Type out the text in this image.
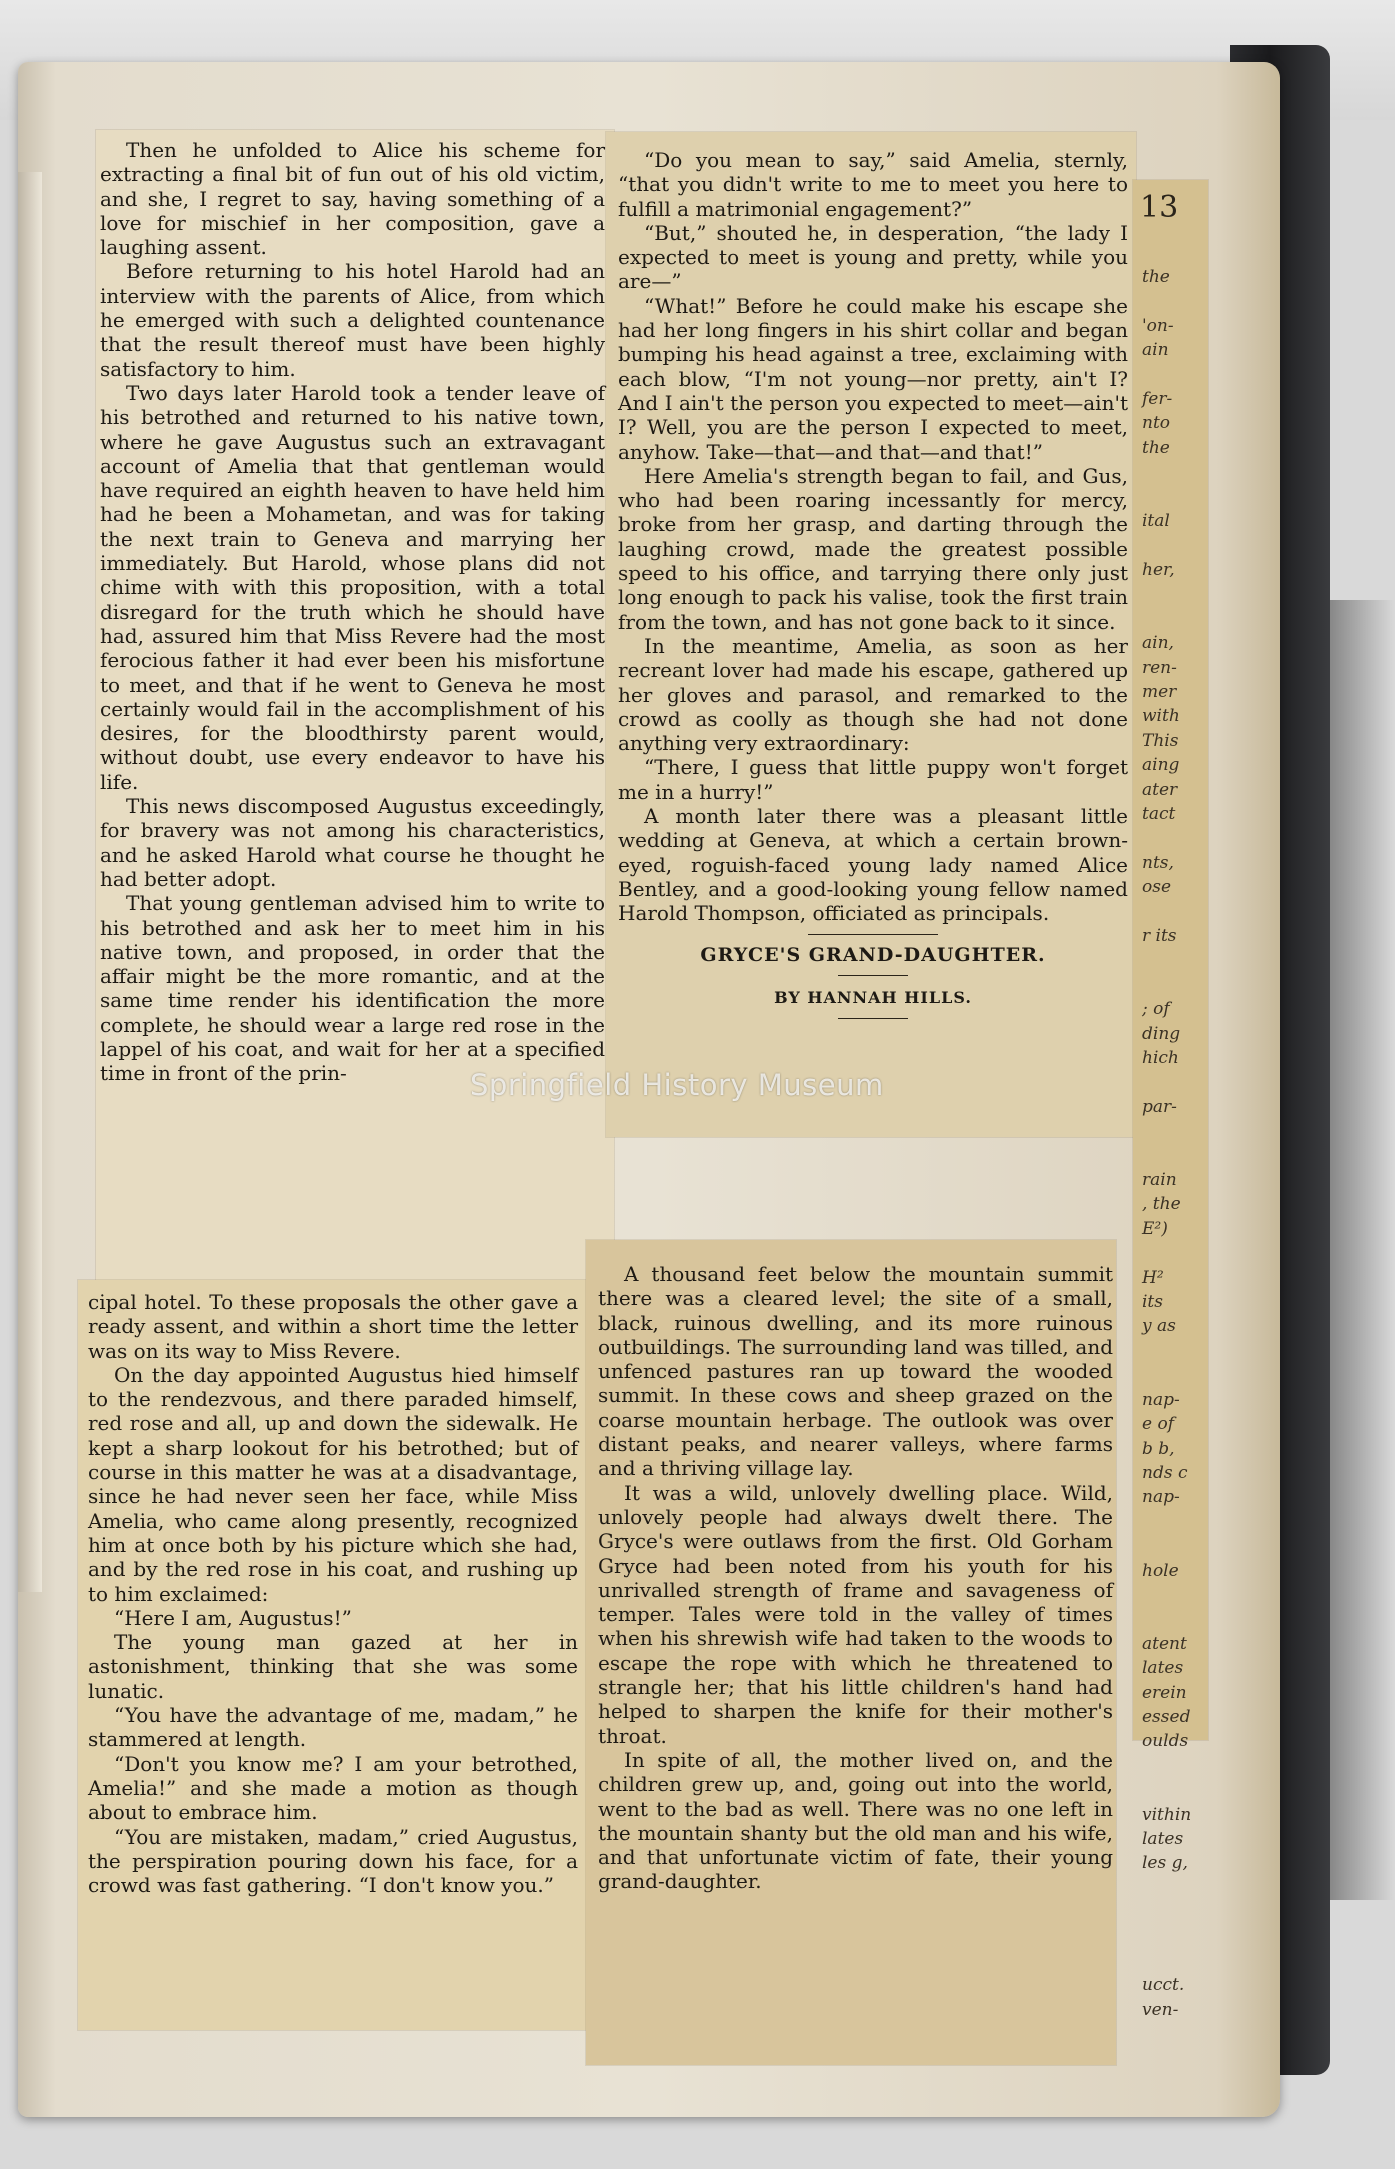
13
the

'on-
ain

fer-
nto
the

ital

her,

ain,
ren-
mer
with
This
aing
ater
tact

nts,
ose

r its

; of
ding
hich

par-

rain
, the
E²)

H²
its
y as

nap-
e of
b b,
nds c
nap-

hole

atent
lates
erein
essed
oulds

vithin
lates
les g,

ucct.
ven-

Then he unfolded to Alice his scheme for extracting a final bit of fun out of his old victim, and she, I regret to say, having something of a love for mischief in her composition, gave a laughing assent.

Before returning to his hotel Harold had an interview with the parents of Alice, from which he emerged with such a delighted countenance that the result thereof must have been highly satisfactory to him.

Two days later Harold took a tender leave of his betrothed and returned to his native town, where he gave Augustus such an extravagant account of Amelia that that gentleman would have required an eighth heaven to have held him had he been a Mohametan, and was for taking the next train to Geneva and marrying her immediately. But Harold, whose plans did not chime with with this proposition, with a total disregard for the truth which he should have had, assured him that Miss Revere had the most ferocious father it had ever been his misfortune to meet, and that if he went to Geneva he most certainly would fail in the accomplishment of his desires, for the bloodthirsty parent would, without doubt, use every endeavor to have his life.

This news discomposed Augustus exceedingly, for bravery was not among his characteristics, and he asked Harold what course he thought he had better adopt.

That young gentleman advised him to write to his betrothed and ask her to meet him in his native town, and proposed, in order that the affair might be the more romantic, and at the same time render his identification the more complete, he should wear a large red rose in the lappel of his coat, and wait for her at a specified time in front of the prin-

cipal hotel. To these proposals the other gave a ready assent, and within a short time the letter was on its way to Miss Revere.

On the day appointed Augustus hied himself to the rendezvous, and there paraded himself, red rose and all, up and down the sidewalk. He kept a sharp lookout for his betrothed; but of course in this matter he was at a disadvantage, since he had never seen her face, while Miss Amelia, who came along presently, recognized him at once both by his picture which she had, and by the red rose in his coat, and rushing up to him exclaimed:

“Here I am, Augustus!”

The young man gazed at her in astonishment, thinking that she was some lunatic.

“You have the advantage of me, madam,” he stammered at length.

“Don't you know me? I am your betrothed, Amelia!” and she made a motion as though about to embrace him.

“You are mistaken, madam,” cried Augustus, the perspiration pouring down his face, for a crowd was fast gathering. “I don't know you.”

“Do you mean to say,” said Amelia, sternly, “that you didn't write to me to meet you here to fulfill a matrimonial engagement?”

“But,” shouted he, in desperation, “the lady I expected to meet is young and pretty, while you are—”

“What!” Before he could make his escape she had her long fingers in his shirt collar and began bumping his head against a tree, exclaiming with each blow, “I'm not young—nor pretty, ain't I? And I ain't the person you expected to meet—ain't I? Well, you are the person I expected to meet, anyhow. Take—that—and that—and that!”

Here Amelia's strength began to fail, and Gus, who had been roaring incessantly for mercy, broke from her grasp, and darting through the laughing crowd, made the greatest possible speed to his office, and tarrying there only just long enough to pack his valise, took the first train from the town, and has not gone back to it since.

In the meantime, Amelia, as soon as her recreant lover had made his escape, gathered up her gloves and parasol, and remarked to the crowd as coolly as though she had not done anything very extraordinary:

“There, I guess that little puppy won't forget me in a hurry!”

A month later there was a pleasant little wedding at Geneva, at which a certain brown-eyed, roguish-faced young lady named Alice Bentley, and a good-looking young fellow named Harold Thompson, officiated as principals.

GRYCE'S GRAND-DAUGHTER.
BY HANNAH HILLS.

A thousand feet below the mountain summit there was a cleared level; the site of a small, black, ruinous dwelling, and its more ruinous outbuildings. The surrounding land was tilled, and unfenced pastures ran up toward the wooded summit. In these cows and sheep grazed on the coarse mountain herbage. The outlook was over distant peaks, and nearer valleys, where farms and a thriving village lay.

It was a wild, unlovely dwelling place. Wild, unlovely people had always dwelt there. The Gryce's were outlaws from the first. Old Gorham Gryce had been noted from his youth for his unrivalled strength of frame and savageness of temper. Tales were told in the valley of times when his shrewish wife had taken to the woods to escape the rope with which he threatened to strangle her; that his little children's hand had helped to sharpen the knife for their mother's throat.

In spite of all, the mother lived on, and the children grew up, and, going out into the world, went to the bad as well. There was no one left in the mountain shanty but the old man and his wife, and that unfortunate victim of fate, their young grand-daughter.

Springfield History Museum
